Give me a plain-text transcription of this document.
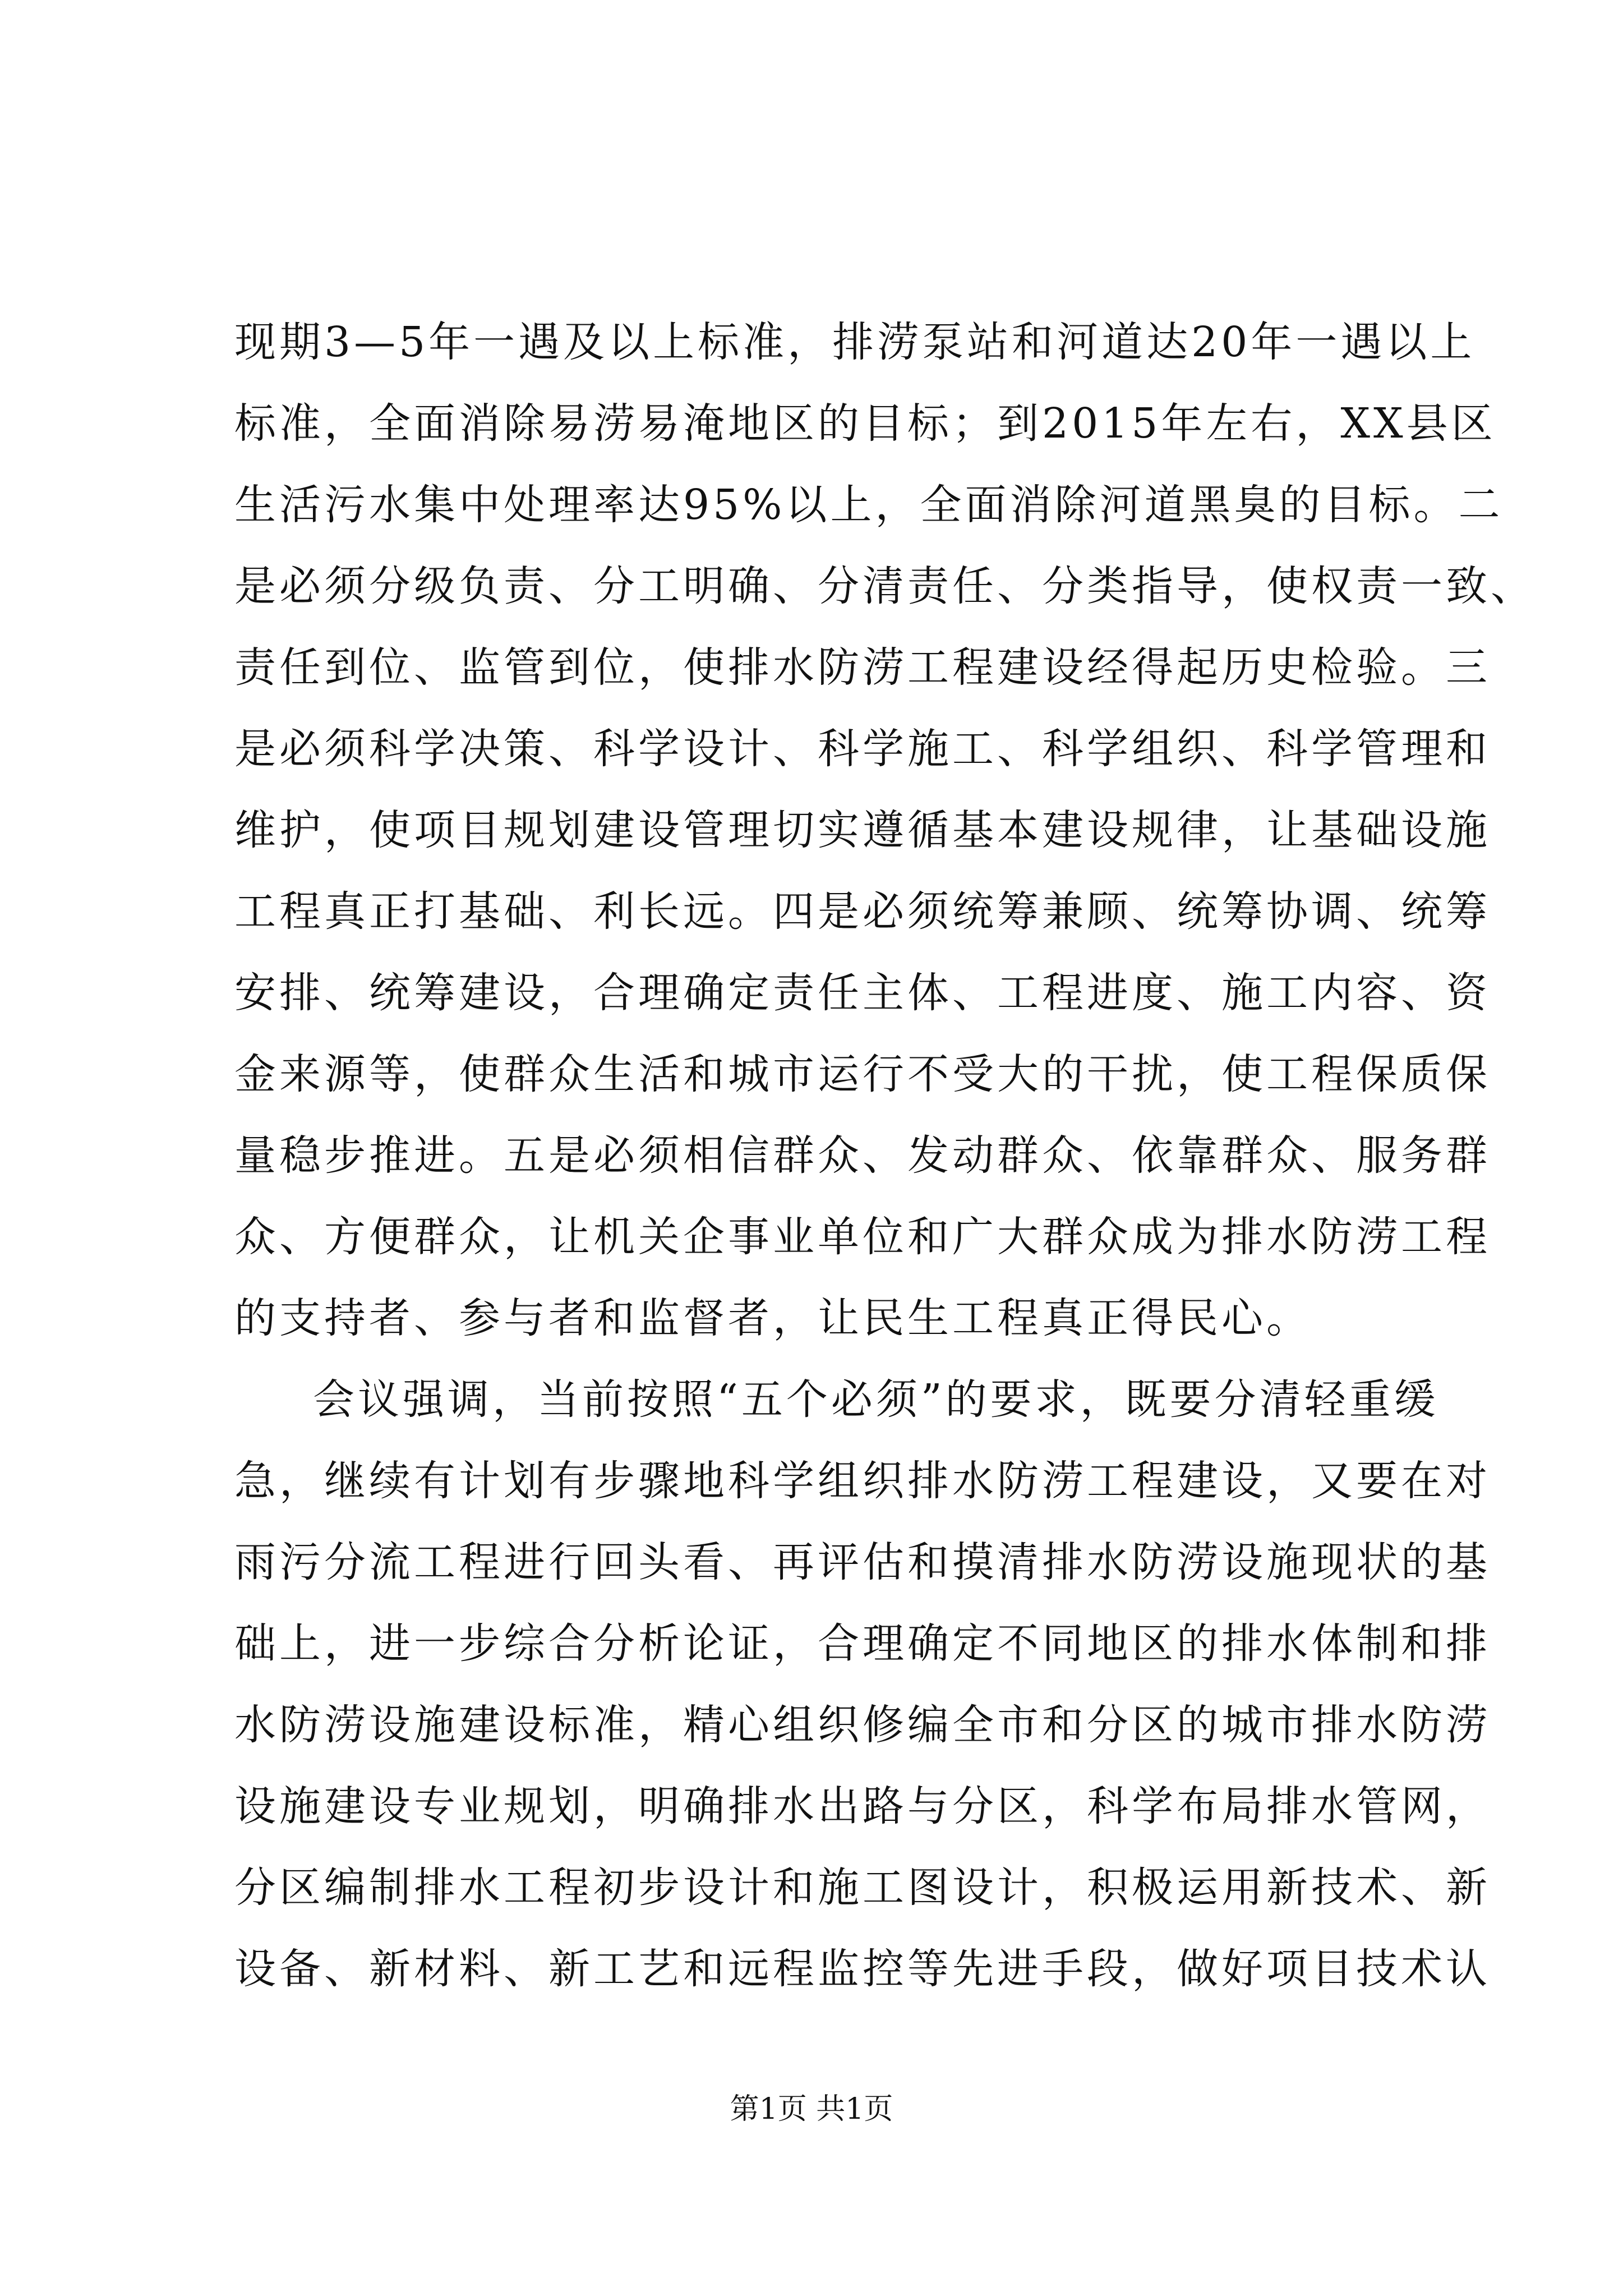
现期3—5年一遇及以上标准，排涝泵站和河道达20年一遇以上
标准，全面消除易涝易淹地区的目标；到2015年左右，XX县区
生活污水集中处理率达95%以上，全面消除河道黑臭的目标。二
是必须分级负责、分工明确、分清责任、分类指导，使权责一致、
责任到位、监管到位，使排水防涝工程建设经得起历史检验。三
是必须科学决策、科学设计、科学施工、科学组织、科学管理和
维护，使项目规划建设管理切实遵循基本建设规律，让基础设施
工程真正打基础、利长远。四是必须统筹兼顾、统筹协调、统筹
安排、统筹建设，合理确定责任主体、工程进度、施工内容、资
金来源等，使群众生活和城市运行不受大的干扰，使工程保质保
量稳步推进。五是必须相信群众、发动群众、依靠群众、服务群
众、方便群众，让机关企事业单位和广大群众成为排水防涝工程
的支持者、参与者和监督者，让民生工程真正得民心。
会议强调，当前按照“五个必须”的要求，既要分清轻重缓
急，继续有计划有步骤地科学组织排水防涝工程建设，又要在对
雨污分流工程进行回头看、再评估和摸清排水防涝设施现状的基
础上，进一步综合分析论证，合理确定不同地区的排水体制和排
水防涝设施建设标准，精心组织修编全市和分区的城市排水防涝
设施建设专业规划，明确排水出路与分区，科学布局排水管网，
分区编制排水工程初步设计和施工图设计，积极运用新技术、新
设备、新材料、新工艺和远程监控等先进手段，做好项目技术认
第1页 共1页
